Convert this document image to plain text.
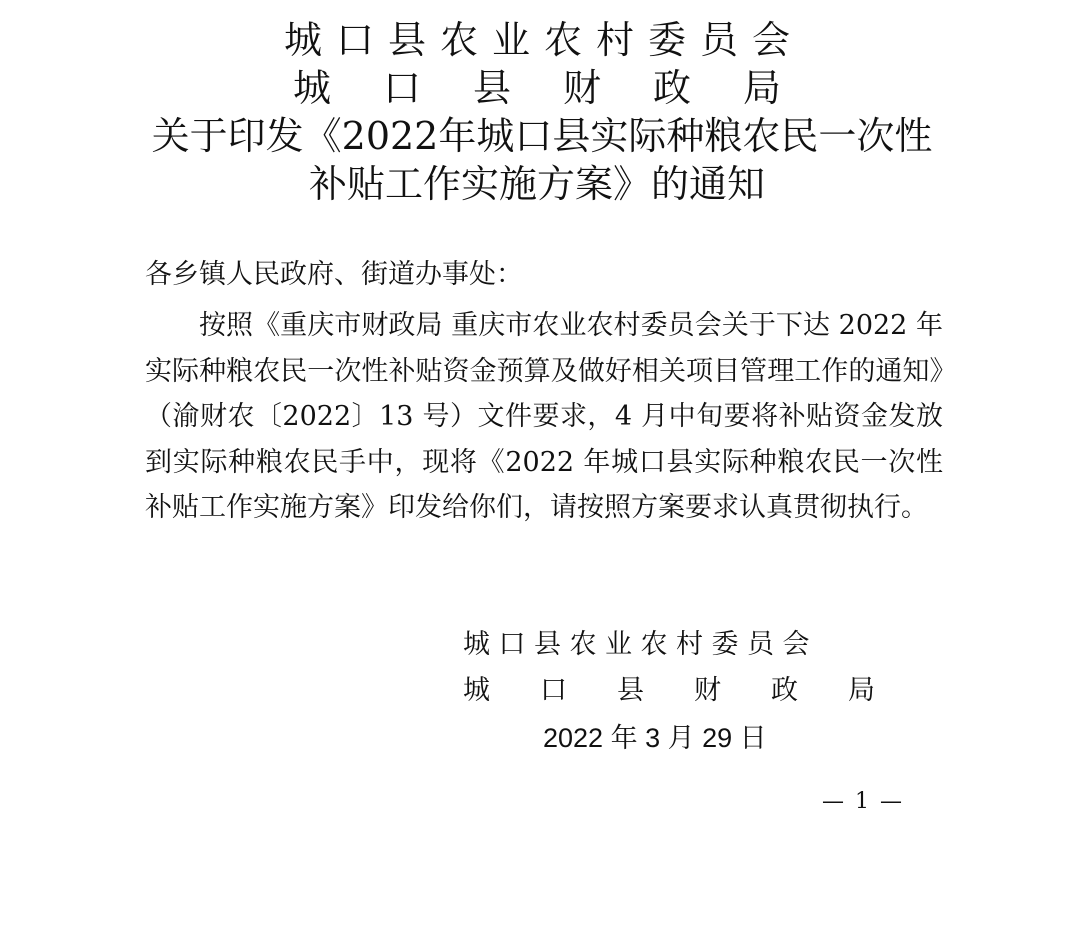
城口县农业农村委员会
城口县财政局
关于印发《2022年城口县实际种粮农民一次性
补贴工作实施方案》的通知
各乡镇人民政府、街道办事处：
按照《重庆市财政局 重庆市农业农村委员会关于下达 2022 年实际种粮农民一次性补贴资金预算及做好相关项目管理工作的通知》（渝财农〔2022〕13 号）文件要求，4 月中旬要将补贴资金发放到实际种粮农民手中，现将《2022 年城口县实际种粮农民一次性补贴工作实施方案》印发给你们，请按照方案要求认真贯彻执行。
城口县农业农村委员会
城口县财政局
2022 年 3 月 29 日
— 1 —
